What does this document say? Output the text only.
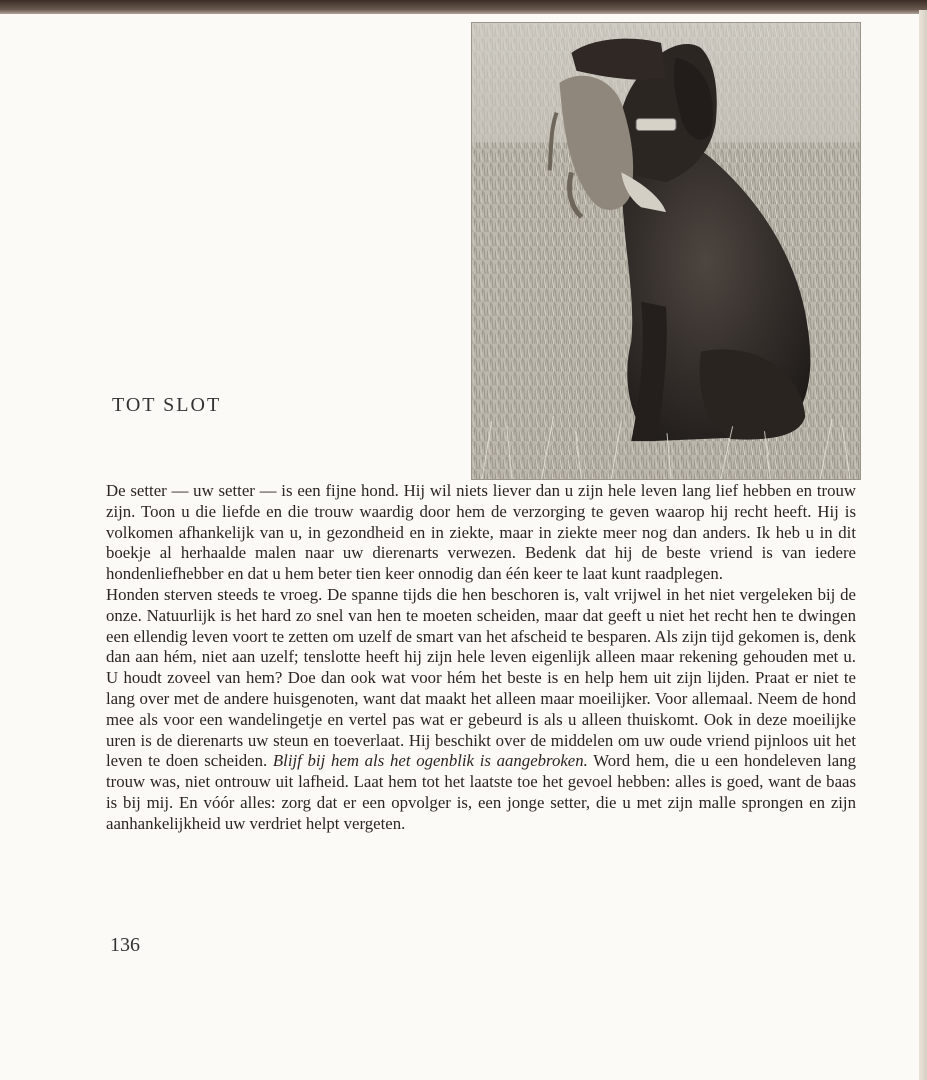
TOT SLOT

De setter — uw setter — is een fijne hond. Hij wil niets liever dan u zijn hele leven lang lief hebben en trouw zijn. Toon u die liefde en die trouw waardig door hem de verzorging te geven waarop hij recht heeft. Hij is volkomen afhankelijk van u, in gezondheid en in ziekte, maar in ziekte meer nog dan anders. Ik heb u in dit boekje al herhaalde malen naar uw dierenarts verwezen. Bedenk dat hij de beste vriend is van iedere hondenliefhebber en dat u hem beter tien keer onnodig dan één keer te laat kunt raadplegen.

Honden sterven steeds te vroeg. De spanne tijds die hen beschoren is, valt vrijwel in het niet vergeleken bij de onze. Natuurlijk is het hard zo snel van hen te moeten scheiden, maar dat geeft u niet het recht hen te dwingen een ellendig leven voort te zetten om uzelf de smart van het afscheid te besparen. Als zijn tijd gekomen is, denk dan aan hém, niet aan uzelf; tenslotte heeft hij zijn hele leven eigenlijk alleen maar rekening gehouden met u. U houdt zoveel van hem? Doe dan ook wat voor hém het beste is en help hem uit zijn lijden. Praat er niet te lang over met de andere huisgenoten, want dat maakt het alleen maar moeilijker. Voor allemaal. Neem de hond mee als voor een wandelingetje en vertel pas wat er gebeurd is als u alleen thuiskomt. Ook in deze moeilijke uren is de dierenarts uw steun en toeverlaat. Hij beschikt over de middelen om uw oude vriend pijnloos uit het leven te doen scheiden. Blijf bij hem als het ogenblik is aangebroken. Word hem, die u een hondeleven lang trouw was, niet ontrouw uit lafheid. Laat hem tot het laatste toe het gevoel hebben: alles is goed, want de baas is bij mij. En vóór alles: zorg dat er een opvolger is, een jonge setter, die u met zijn malle sprongen en zijn aanhankelijkheid uw verdriet helpt vergeten.

136
